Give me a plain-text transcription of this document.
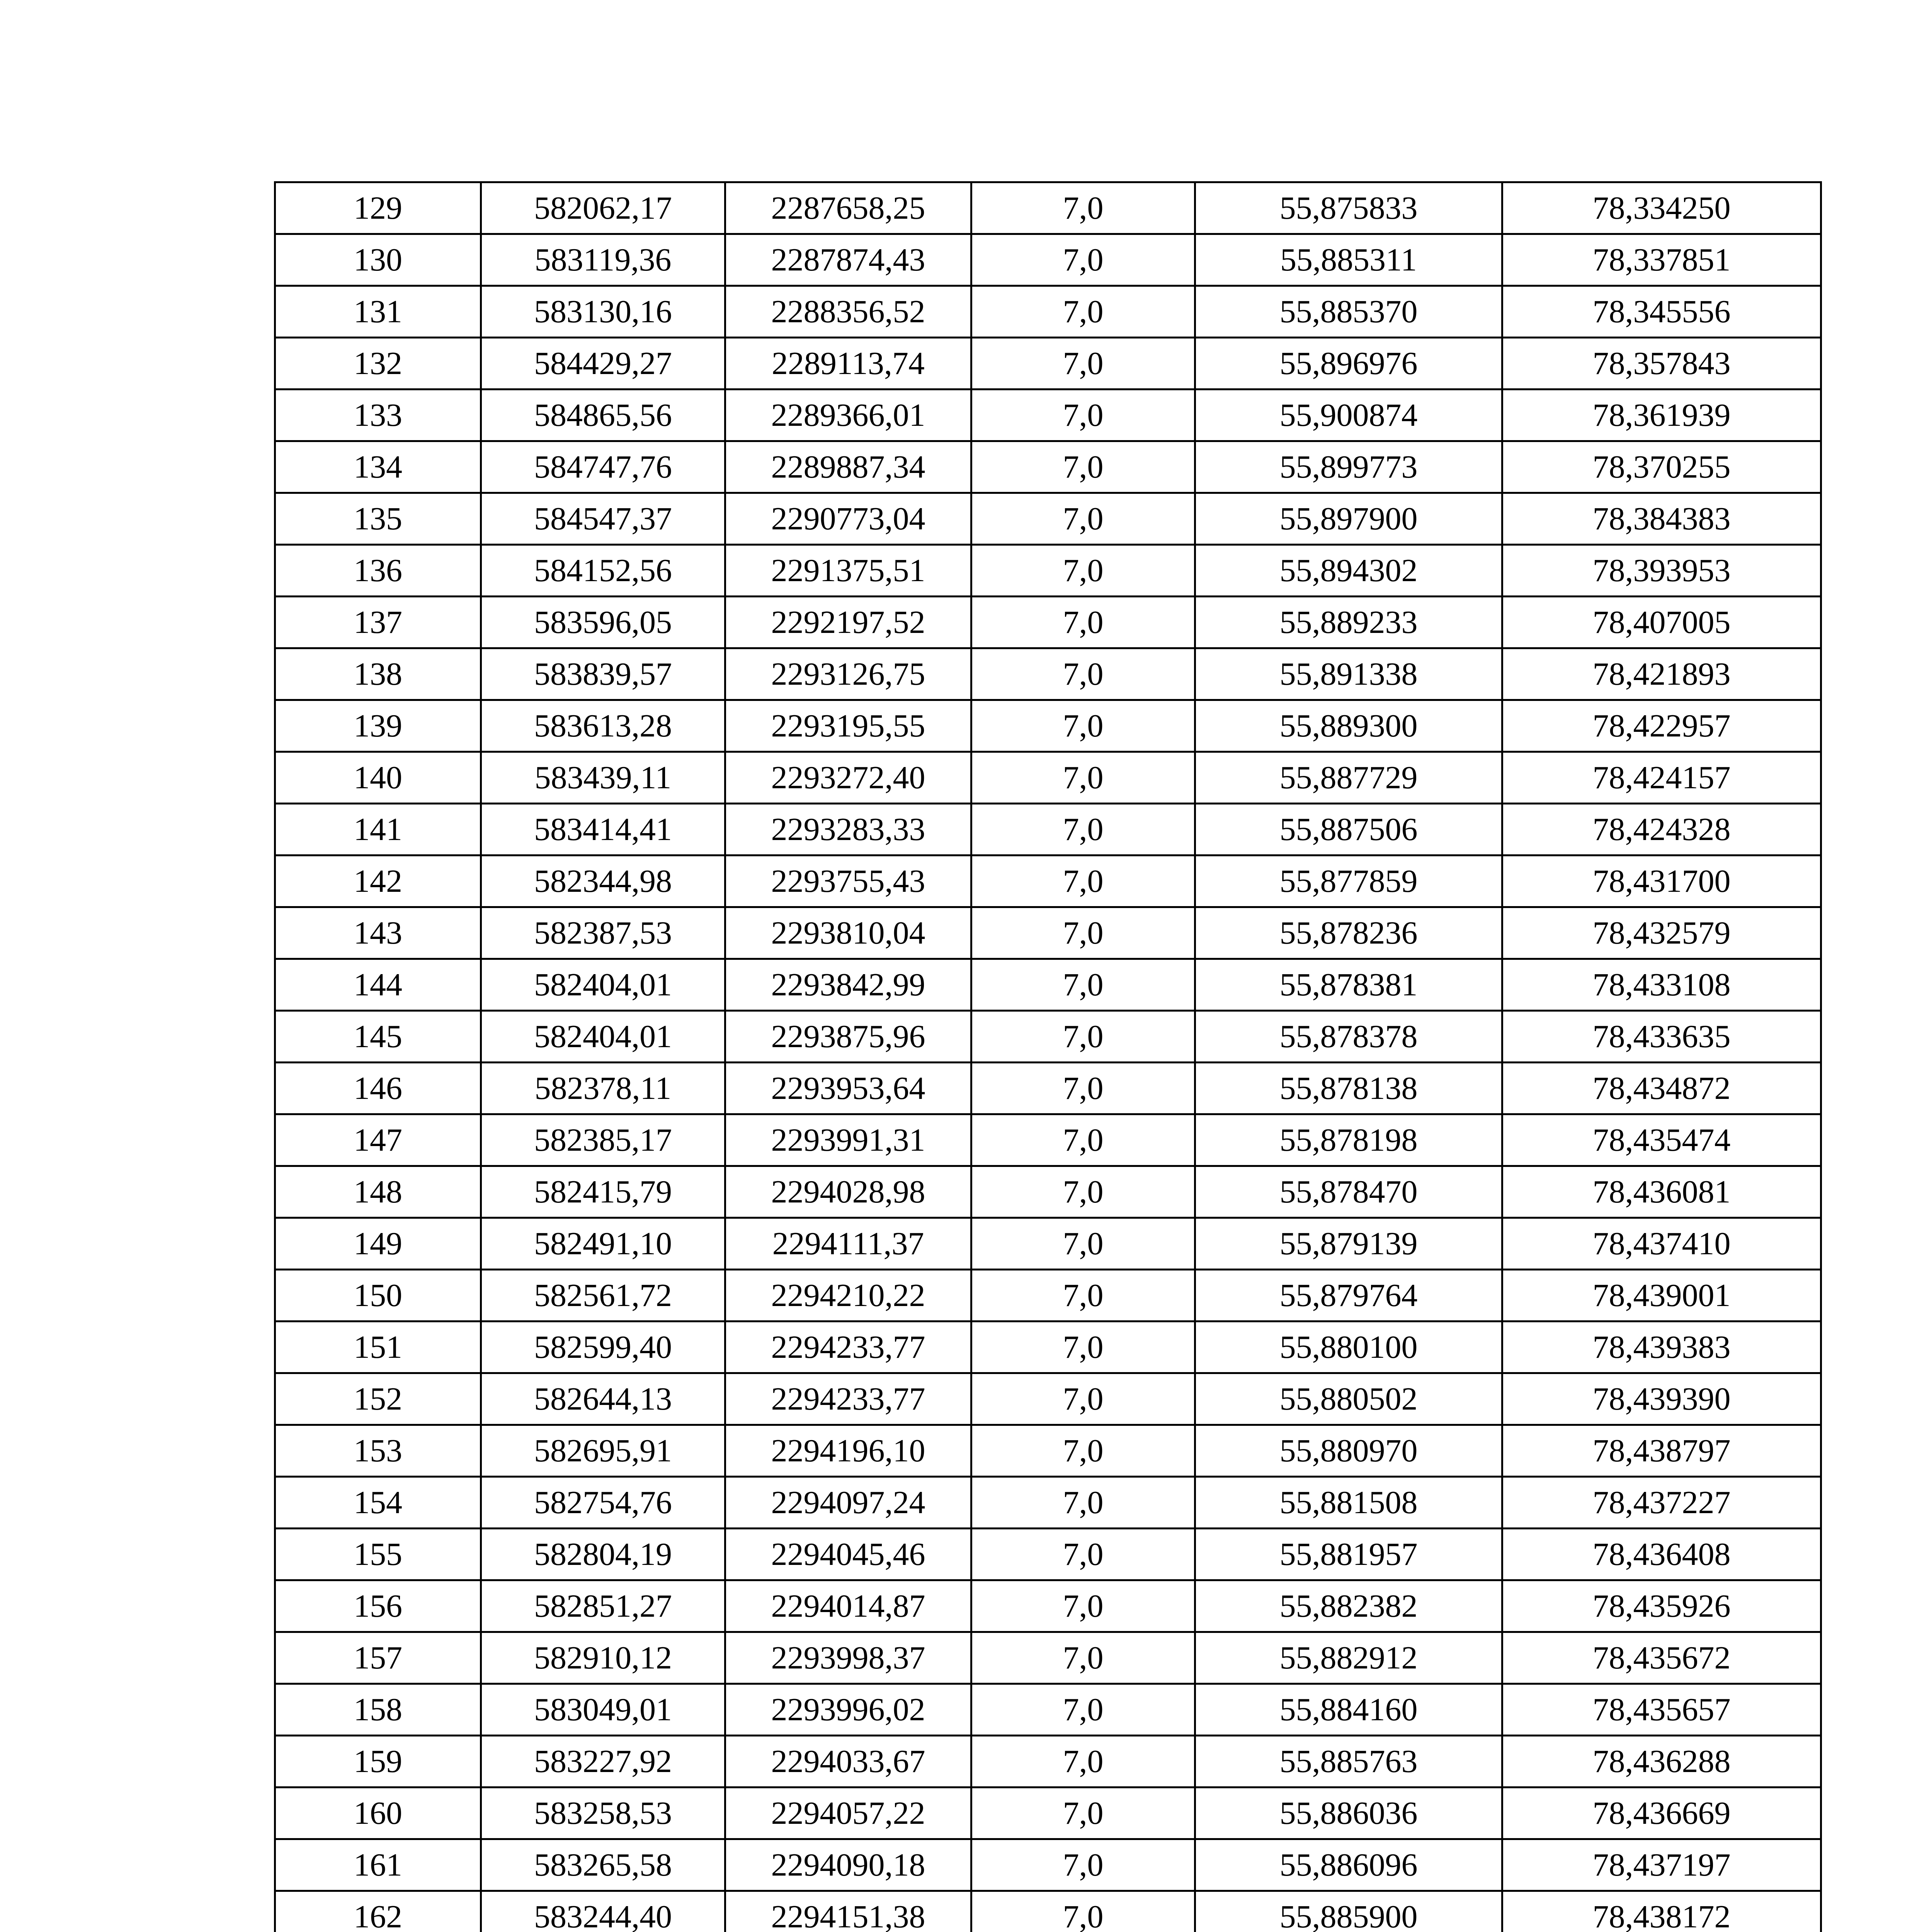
129	582062,17	2287658,25	7,0	55,875833	78,334250
130	583119,36	2287874,43	7,0	55,885311	78,337851
131	583130,16	2288356,52	7,0	55,885370	78,345556
132	584429,27	2289113,74	7,0	55,896976	78,357843
133	584865,56	2289366,01	7,0	55,900874	78,361939
134	584747,76	2289887,34	7,0	55,899773	78,370255
135	584547,37	2290773,04	7,0	55,897900	78,384383
136	584152,56	2291375,51	7,0	55,894302	78,393953
137	583596,05	2292197,52	7,0	55,889233	78,407005
138	583839,57	2293126,75	7,0	55,891338	78,421893
139	583613,28	2293195,55	7,0	55,889300	78,422957
140	583439,11	2293272,40	7,0	55,887729	78,424157
141	583414,41	2293283,33	7,0	55,887506	78,424328
142	582344,98	2293755,43	7,0	55,877859	78,431700
143	582387,53	2293810,04	7,0	55,878236	78,432579
144	582404,01	2293842,99	7,0	55,878381	78,433108
145	582404,01	2293875,96	7,0	55,878378	78,433635
146	582378,11	2293953,64	7,0	55,878138	78,434872
147	582385,17	2293991,31	7,0	55,878198	78,435474
148	582415,79	2294028,98	7,0	55,878470	78,436081
149	582491,10	2294111,37	7,0	55,879139	78,437410
150	582561,72	2294210,22	7,0	55,879764	78,439001
151	582599,40	2294233,77	7,0	55,880100	78,439383
152	582644,13	2294233,77	7,0	55,880502	78,439390
153	582695,91	2294196,10	7,0	55,880970	78,438797
154	582754,76	2294097,24	7,0	55,881508	78,437227
155	582804,19	2294045,46	7,0	55,881957	78,436408
156	582851,27	2294014,87	7,0	55,882382	78,435926
157	582910,12	2293998,37	7,0	55,882912	78,435672
158	583049,01	2293996,02	7,0	55,884160	78,435657
159	583227,92	2294033,67	7,0	55,885763	78,436288
160	583258,53	2294057,22	7,0	55,886036	78,436669
161	583265,58	2294090,18	7,0	55,886096	78,437197
162	583244,40	2294151,38	7,0	55,885900	78,438172
